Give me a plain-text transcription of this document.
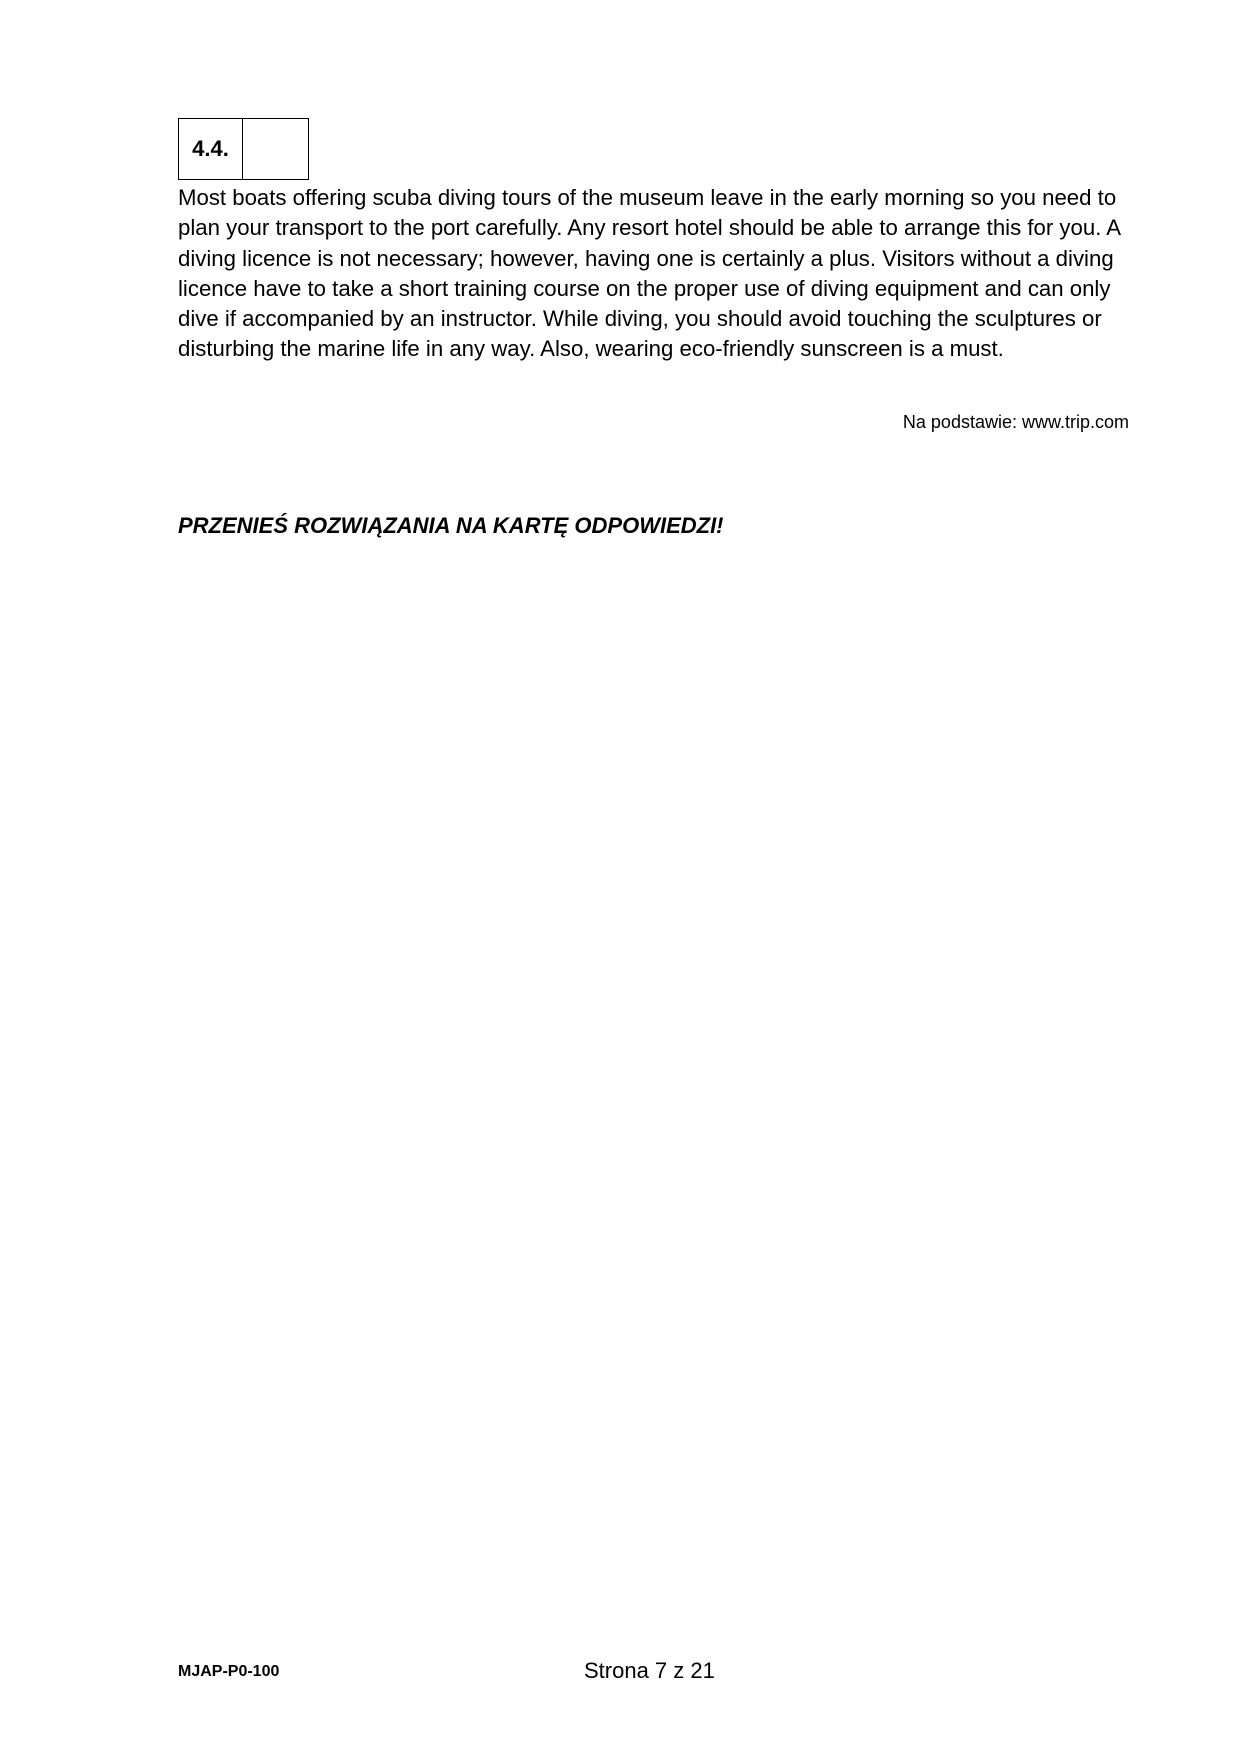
4.4.

Most boats offering scuba diving tours of the museum leave in the early morning so you need to plan your transport to the port carefully. Any resort hotel should be able to arrange this for you. A diving licence is not necessary; however, having one is certainly a plus. Visitors without a diving licence have to take a short training course on the proper use of diving equipment and can only dive if accompanied by an instructor. While diving, you should avoid touching the sculptures or disturbing the marine life in any way. Also, wearing eco-friendly sunscreen is a must.

Na podstawie: www.trip.com
PRZENIEŚ ROZWIĄZANIA NA KARTĘ ODPOWIEDZI!
MJAP-P0-100	Strona 7 z 21
